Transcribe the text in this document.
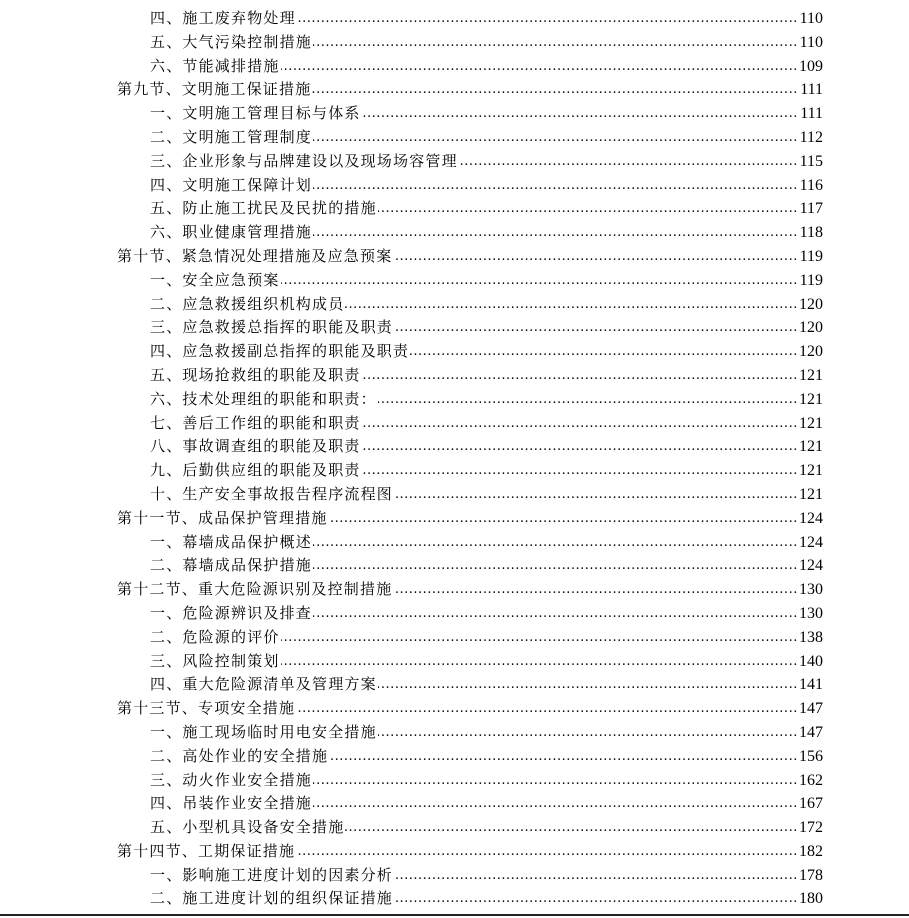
四、施工废弃物处理 .....	110
五、大气污染控制措施 .....	110
六、节能减排措施 .....	109
第九节、文明施工保证措施 .....	111
一、文明施工管理目标与体系 .....	111
二、文明施工管理制度 .....	112
三、企业形象与品牌建设以及现场场容管理 .....	115
四、文明施工保障计划 .....	116
五、防止施工扰民及民扰的措施 .....	117
六、职业健康管理措施 .....	118
第十节、紧急情况处理措施及应急预案 .....	119
一、安全应急预案 .....	119
二、应急救援组织机构成员 .....	120
三、应急救援总指挥的职能及职责 .....	120
四、应急救援副总指挥的职能及职责 .....	120
五、现场抢救组的职能及职责 .....	121
六、技术处理组的职能和职责： .....	121
七、善后工作组的职能和职责 .....	121
八、事故调查组的职能及职责 .....	121
九、后勤供应组的职能及职责 .....	121
十、生产安全事故报告程序流程图 .....	121
第十一节、成品保护管理措施 .....	124
一、幕墙成品保护概述 .....	124
二、幕墙成品保护措施 .....	124
第十二节、重大危险源识别及控制措施 .....	130
一、危险源辨识及排查 .....	130
二、危险源的评价 .....	138
三、风险控制策划 .....	140
四、重大危险源清单及管理方案 .....	141
第十三节、专项安全措施 .....	147
一、施工现场临时用电安全措施 .....	147
二、高处作业的安全措施 .....	156
三、动火作业安全措施 .....	162
四、吊装作业安全措施 .....	167
五、小型机具设备安全措施 .....	172
第十四节、工期保证措施 .....	182
一、影响施工进度计划的因素分析 .....	178
二、施工进度计划的组织保证措施 .....	180
